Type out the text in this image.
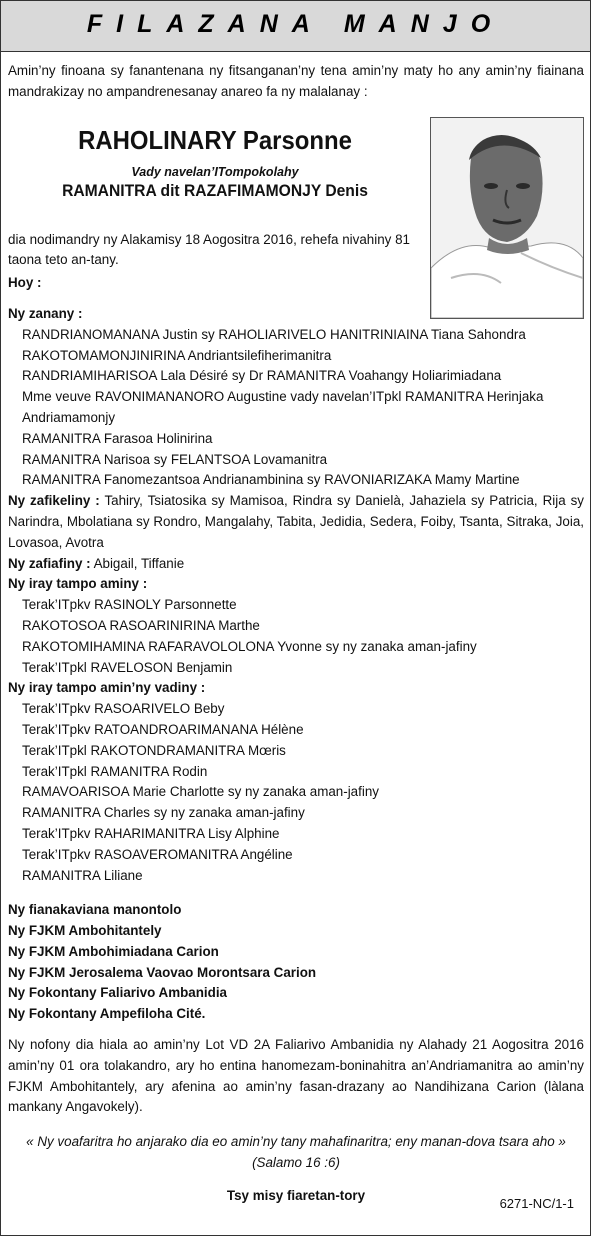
FILAZANA MANJO

Amin’ny finoana sy fanantenana ny fitsanganan’ny tena amin’ny maty ho any amin’ny fiainana mandrakizay no ampandrenesanay anareo fa ny malalanay :

RAHOLINARY Parsonne
Vady navelan’ITompokolahy
RAMANITRA dit RAZAFIMAMONJY Denis

dia nodimandry ny Alakamisy 18 Aogositra 2016, rehefa nivahiny 81 taona teto an-tany.

Hoy :

Ny zanany :
RANDRIANOMANANA Justin sy RAHOLIARIVELO HANITRINIAINA Tiana Sahondra
RAKOTOMAMONJINIRINA Andriantsilefiherimanitra
RANDRIAMIHARISOA Lala Désiré sy Dr RAMANITRA Voahangy Holiarimiadana
Mme veuve RAVONIMANANORO Augustine vady navelan’ITpkl RAMANITRA Herinjaka Andriamamonjy
RAMANITRA Farasoa Holinirina
RAMANITRA Narisoa sy FELANTSOA Lovamanitra
RAMANITRA Fanomezantsoa Andrianambinina sy RAVONIARIZAKA Mamy Martine

Ny zafikeliny : Tahiry, Tsiatosika sy Mamisoa, Rindra sy Danielà, Jahaziela sy Patricia, Rija sy Narindra, Mbolatiana sy Rondro, Mangalahy, Tabita, Jedidia, Sedera, Foiby, Tsanta, Sitraka, Joia, Lovasoa, Avotra

Ny zafiafiny : Abigail, Tiffanie

Ny iray tampo aminy :
Terak’ITpkv RASINOLY Parsonnette
RAKOTOSOA RASOARINIRINA Marthe
RAKOTOMIHAMINA RAFARAVOLOLONA Yvonne sy ny zanaka aman-jafiny
Terak’ITpkl RAVELOSON Benjamin
Ny iray tampo amin’ny vadiny :
Terak’ITpkv RASOARIVELO Beby
Terak’ITpkv RATOANDROARIMANANA Hélène
Terak’ITpkl RAKOTONDRAMANITRA Mœris
Terak’ITpkl RAMANITRA Rodin
RAMAVOARISOA Marie Charlotte sy ny zanaka aman-jafiny
RAMANITRA Charles sy ny zanaka aman-jafiny
Terak’ITpkv RAHARIMANITRA Lisy Alphine
Terak’ITpkv RASOAVEROMANITRA Angéline
RAMANITRA Liliane
Ny fianakaviana manontolo
Ny FJKM Ambohitantely
Ny FJKM Ambohimiadana Carion
Ny FJKM Jerosalema Vaovao Morontsara Carion
Ny Fokontany Faliarivo Ambanidia
Ny Fokontany Ampefiloha Cité.

Ny nofony dia hiala ao amin’ny Lot VD 2A Faliarivo Ambanidia ny Alahady 21 Aogositra 2016 amin’ny 01 ora tolakandro, ary ho entina hanomezam-boninahitra an’Andriamanitra ao amin’ny FJKM Ambohitantely, ary afenina ao amin’ny fasan-drazany ao Nandihizana Carion (làlana mankany Angavokely).

« Ny voafaritra ho anjarako dia eo amin’ny tany mahafinaritra; eny manan-dova tsara aho »

(Salamo 16 :6)

Tsy misy fiaretan-tory
6271-NC/1-1
